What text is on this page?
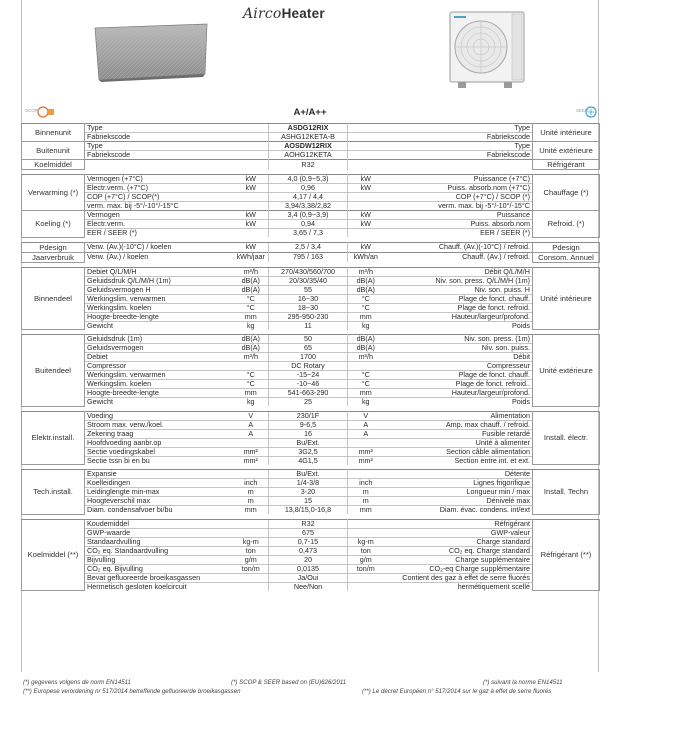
AircoHeater
SCOP	A+/A++	SEER
Binnenunit	Type		ASDG12RIX		Type	Unité intérieure
	Fabriekscode		ASHG12KETA-B		Fabriekscode	
Buitenunit	Type		AOSDW12RIX		Type	Unité extérieure
	Fabriekscode		AOHG12KETA		Fabriekscode	
Koelmiddel			R32			Réfrigérant

Verwarming (*)	Vermogen (+7°C)	kW	4,0 (0,9~5,3)	kW	Puissance (+7°C)	Chauffage (*)
	Electr.verm. (+7°C)	kW	0,96	kW	Puiss. absorb.nom (+7°C)	
	COP (+7°C) / SCOP(*)		4,17 / 4,4		COP (+7°C) / SCOP (*)	
	verm. max. bij -5°/-10°/-15°C		3,94/3,38/2,82		verm. max. bij -5°/-10°/-15°C	
Koeling (*)	Vermogen	kW	3,4 (0,9~3,9)	kW	Puissance	Refroid. (*)
	Electr.verm.	kW	0,94	kW	Puiss. absorb.nom	
	EER / SEER (*)		3,65 / 7,3		EER / SEER (*)	

Pdesign	Verw. (Av.)(-10°C) / koelen	kW	2,5 / 3,4	kW	Chauff. (Av.)(-10°C) / refroid.	Pdesign
Jaarverbruik	Verw. (Av.) / koelen	kWh/jaar	795 / 163	kWh/an	Chauff. (Av.) / refroid.	Consom. Annuel

Binnendeel	Debiet Q/L/M/H	m³/h	270/430/560/700	m³/h	Débit Q/L/M/H	Unité intérieure
	Geluidsdruk Q/L/M/H (1m)	dB(A)	20/30/35/40	dB(A)	Niv. son. press. Q/L/M/H (1m)	
	Geluidsvermogen H	dB(A)	55	dB(A)	Niv. son. puiss. H	
	Werkingslim. verwarmen	°C	16~30	°C	Plage de fonct. chauff.	
	Werkingslim. koelen	°C	18~30	°C	Plage de fonct. refroid.	
	Hoogte-breedte-lengte	mm	295-950-230	mm	Hauteur/largeur/profond.	
	Gewicht	kg	11	kg	Poids	

Buitendeel	Geluidsdruk (1m)	dB(A)	50	dB(A)	Niv. son. press. (1m)	Unité extérieure
	Geluidsvermogen	dB(A)	65	dB(A)	Niv. son. puiss.	
	Debiet	m³/h	1700	m³/h	Débit	
	Compressor		DC Rotary		Compresseur	
	Werkingslim. verwarmen	°C	-15~24	°C	Plage de fonct. chauff.	
	Werkingslim. koelen	°C	-10~46	°C	Plage de fonct. refroid..	
	Hoogte-breedte-lengte	mm	541-663-290	mm	Hauteur/largeur/profond.	
	Gewicht	kg	25	kg	Poids	

Elektr.install.	Voeding	V	230/1F	V	Alimentation	Install. électr.
	Stroom max. verw./koel.	A	9-6,5	A	Amp. max chauff. / refroid.	
	Zekering traag	A	16	A	Fusible retardé	
	Hoofdvoeding aanbr.op		Bu/Ext.		Unité à alimenter	
	Sectie voedingskabel	mm²	3G2,5	mm²	Section câble alimentation	
	Sectie tssn bi en bu	mm²	4G1,5	mm²	Section entre int. et ext.	

Tech.install.	Expansie		Bu/Ext.		Détente	Install. Techn
	Koelleidingen	inch	1/4-3/8	inch	Lignes frigorifique	
	Leidinglengte min-max	m	3-20	m	Longueur min / max	
	Hoogteverschil max	m	15	m	Dénivelé max	
	Diam. condensafvoer bi/bu	mm	13,8/15,0-16,8	mm	Diam. évac. condens. int/ext	

Koelmiddel (**)	Koudemiddel		R32		Réfrigérant	Réfrigérant (**)
	GWP-waarde		675		GWP-valeur	
	Standaardvulling	kg-m	0,7-15	kg-m	Charge standard	
	CO₂ eq. Standaardvulling	ton	0,473	ton	CO₂ eq. Charge standard	
	Bijvulling	g/m	20	g/m	Charge supplémentaire	
	CO₂ eq. Bijvulling	ton/m	0,0135	ton/m	CO₂-eq Charge supplémentaire	
	Bevat gefluoreerde broeikasgassen		Ja/Oui		Contient des gaz à effet de serre fluorés	
	Hermetisch gesloten koelcircuit		Nee/Non		hermétiquement scellé	
(*) gegevens volgens de norm EN14511	(*) SCOP & SEER based on (EU)626/2011	(*) suivant la norme EN14511
(**) Europese verordening nr 517/2014 betreffende gefluoreerde broeikasgassen	(**) Le décret Européen n° 517/2014 sur le gaz à effet de serre fluorés
